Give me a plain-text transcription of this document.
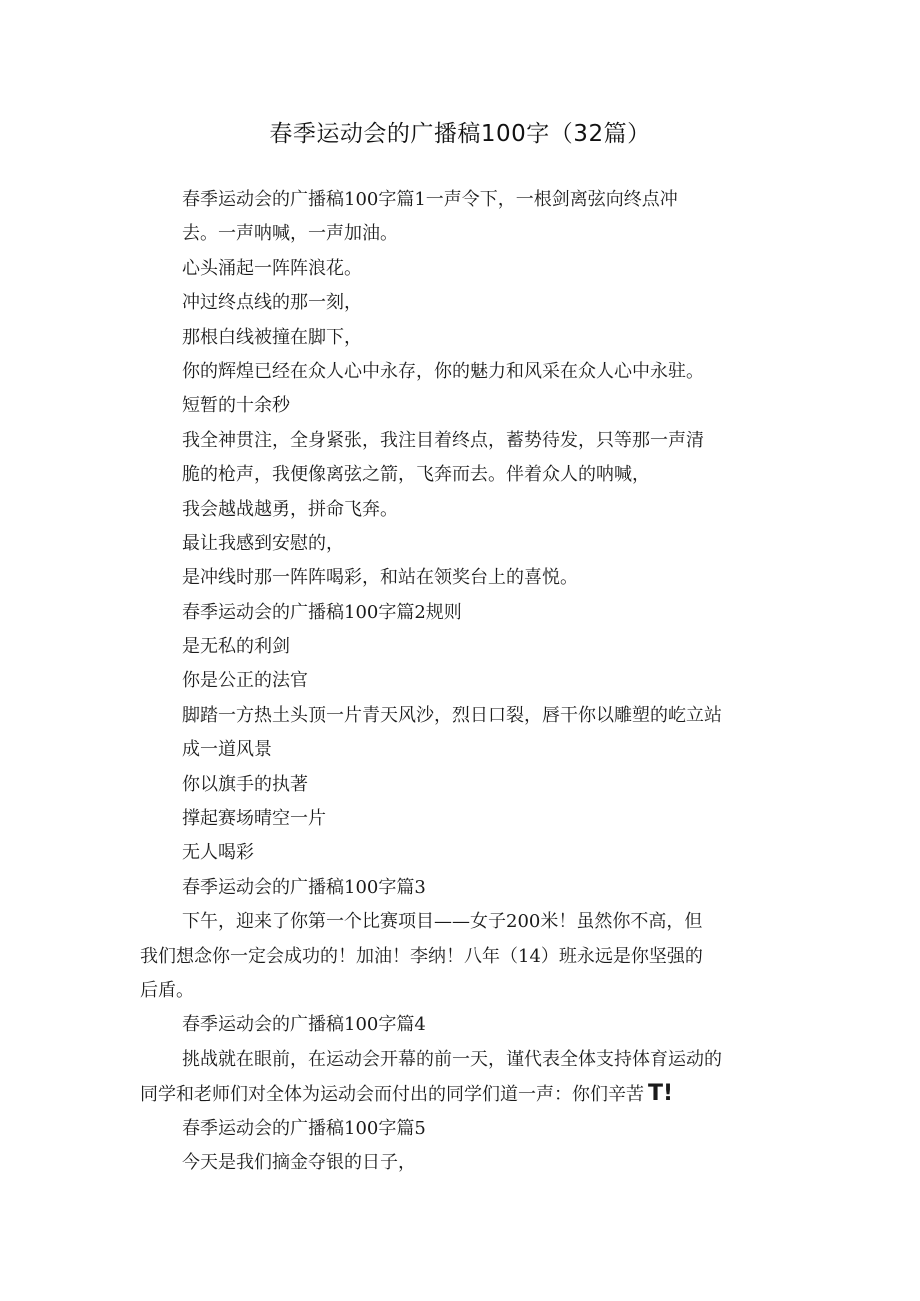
春季运动会的广播稿100字（32篇）
春季运动会的广播稿100字篇1一声令下，一根剑离弦向终点冲
去。一声呐喊，一声加油。
心头涌起一阵阵浪花。
冲过终点线的那一刻，
那根白线被撞在脚下，
你的辉煌已经在众人心中永存，你的魅力和风采在众人心中永驻。
短暂的十余秒
我全神贯注，全身紧张，我注目着终点，蓄势待发，只等那一声清
脆的枪声，我便像离弦之箭，飞奔而去。伴着众人的呐喊，
我会越战越勇，拼命飞奔。
最让我感到安慰的，
是冲线时那一阵阵喝彩，和站在领奖台上的喜悦。
春季运动会的广播稿100字篇2规则
是无私的利剑
你是公正的法官
脚踏一方热土头顶一片青天风沙，烈日口裂，唇干你以雕塑的屹立站
成一道风景
你以旗手的执著
撑起赛场晴空一片
无人喝彩
春季运动会的广播稿100字篇3
下午，迎来了你第一个比赛项目——女子200米！虽然你不高，但
我们想念你一定会成功的！加油！李纳！八年（14）班永远是你坚强的
后盾。
春季运动会的广播稿100字篇4
挑战就在眼前，在运动会开幕的前一天，谨代表全体支持体育运动的
同学和老师们对全体为运动会而付出的同学们道一声：你们辛苦 T!
春季运动会的广播稿100字篇5
今天是我们摘金夺银的日子，
